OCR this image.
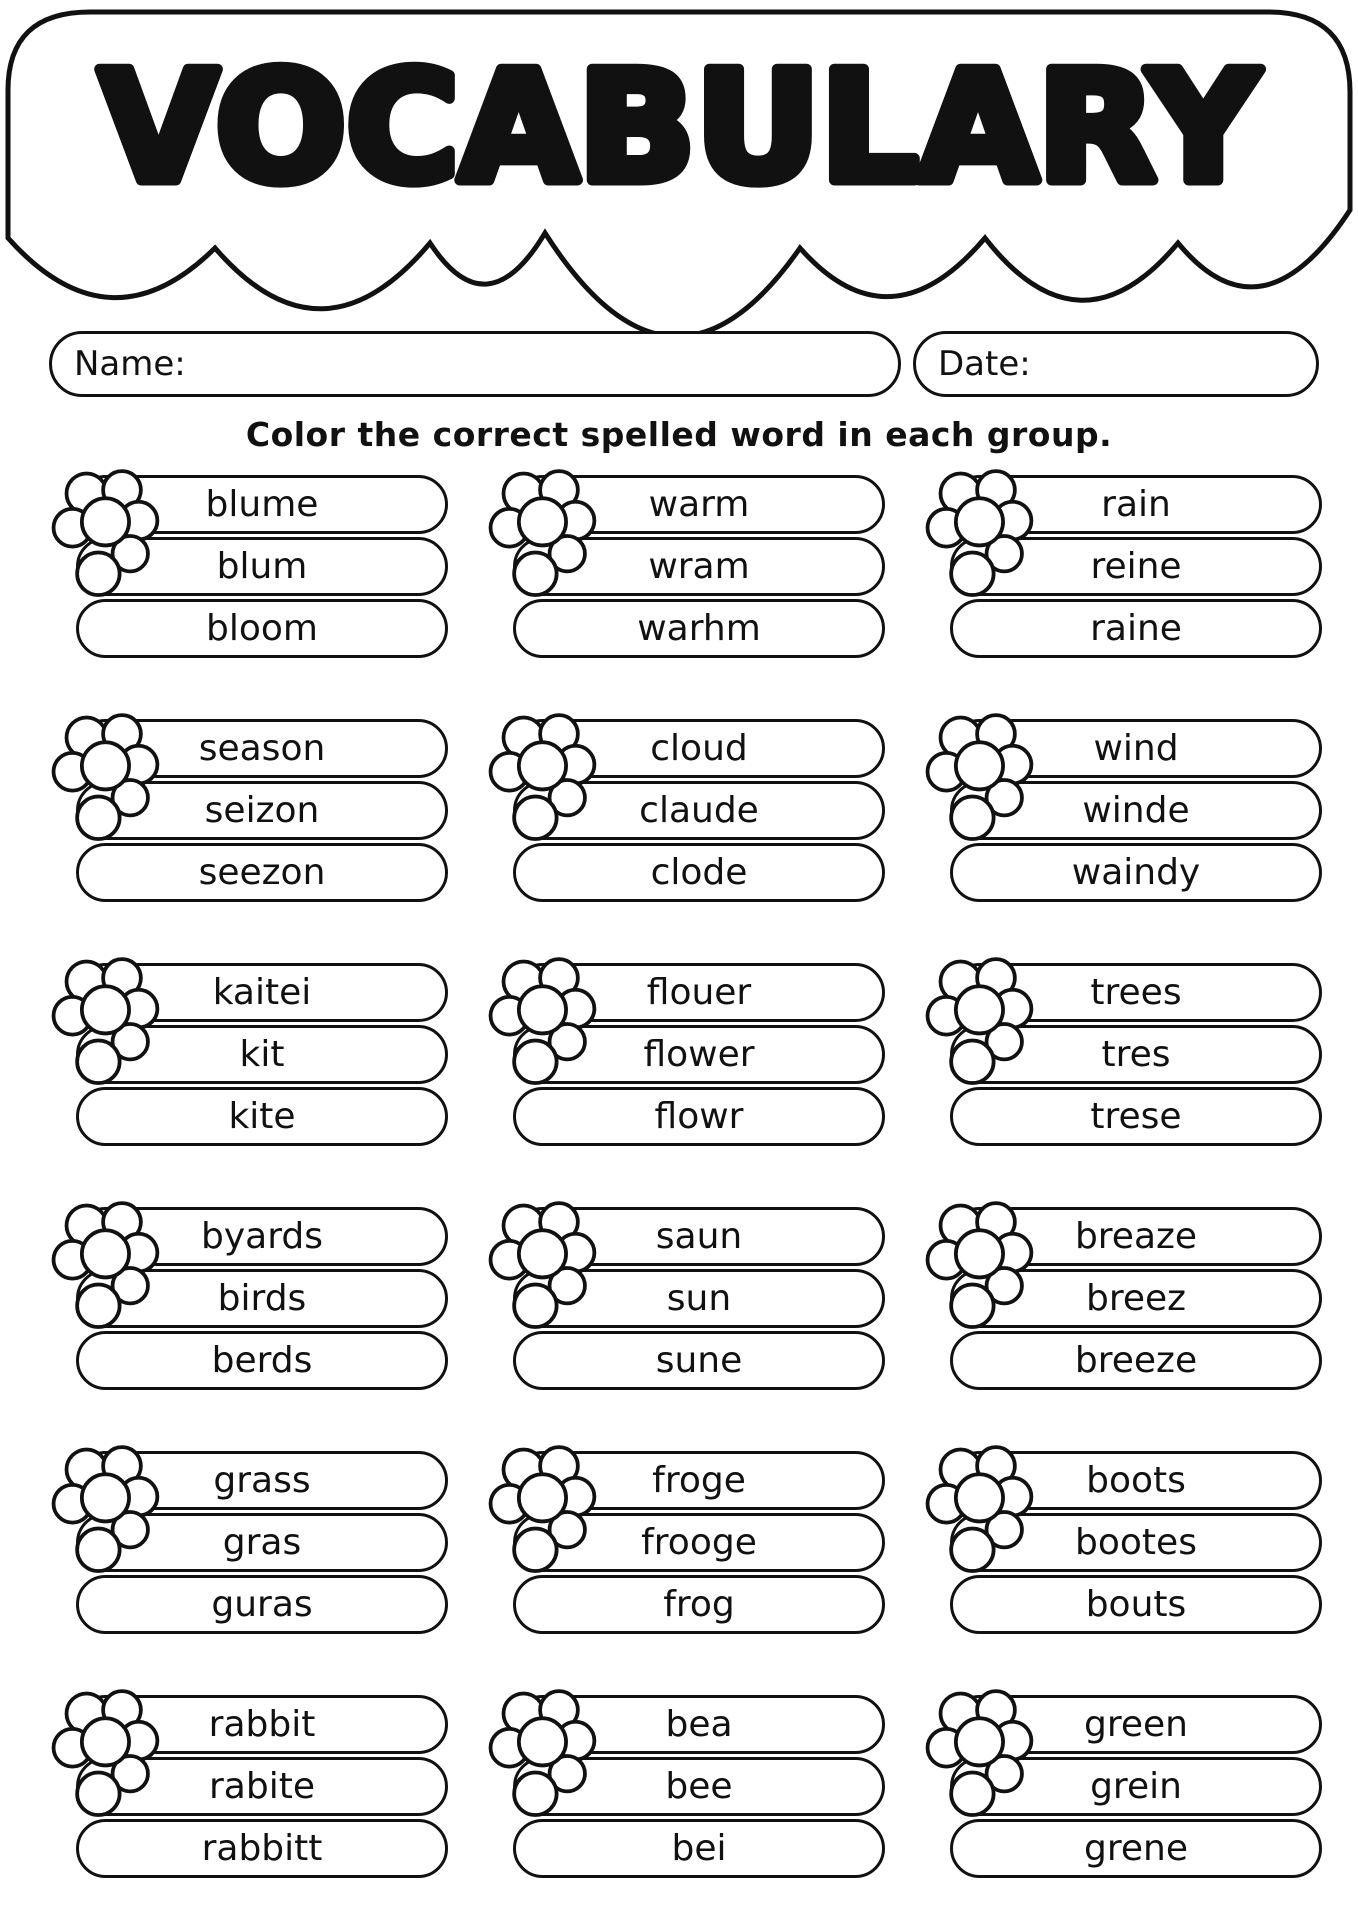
VOCABULARY
Name:	Date:
Color the correct spelled word in each group.
blume
blum
bloom
warm
wram
warhm
rain
reine
raine
season
seizon
seezon
cloud
claude
clode
wind
winde
waindy
kaitei
kit
kite
flouer
flower
flowr
trees
tres
trese
byards
birds
berds
saun
sun
sune
breaze
breez
breeze
grass
gras
guras
froge
frooge
frog
boots
bootes
bouts
rabbit
rabite
rabbitt
bea
bee
bei
green
grein
grene
